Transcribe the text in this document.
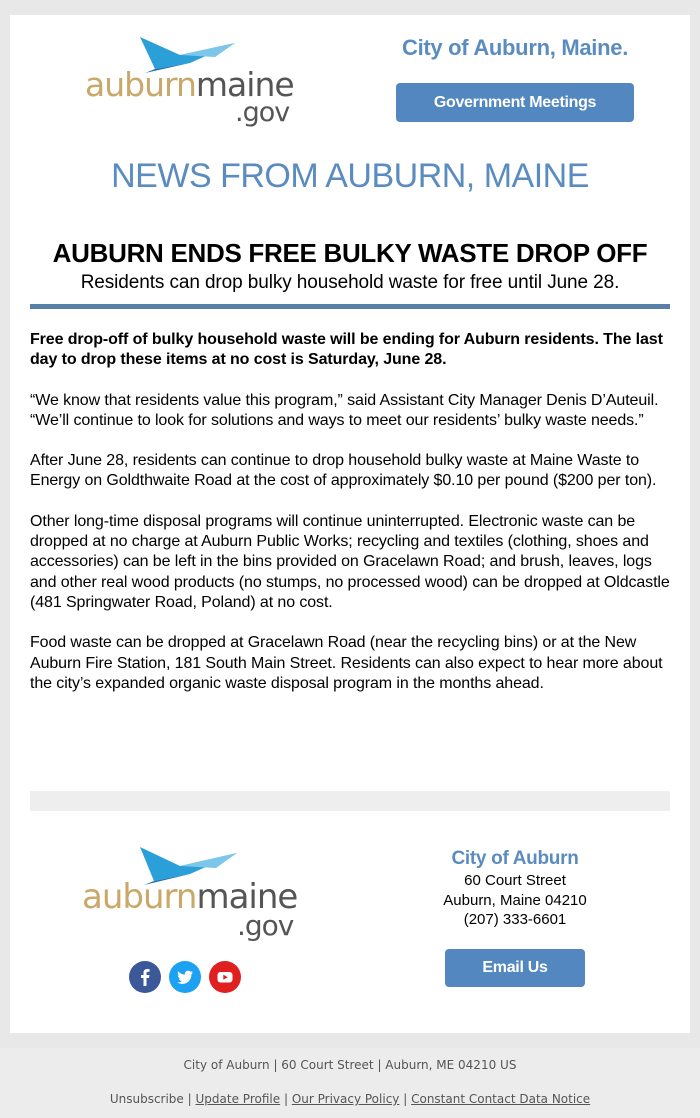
auburnmaine
.gov
City of Auburn, Maine.
Government Meetings
NEWS FROM AUBURN, MAINE
AUBURN ENDS FREE BULKY WASTE DROP OFF
Residents can drop bulky household waste for free until June 28.

Free drop-off of bulky household waste will be ending for Auburn residents. The last day to drop these items at no cost is Saturday, June 28.

“We know that residents value this program,” said Assistant City Manager Denis D’Auteuil. “We’ll continue to look for solutions and ways to meet our residents’ bulky waste needs.”

After June 28, residents can continue to drop household bulky waste at Maine Waste to Energy on Goldthwaite Road at the cost of approximately $0.10 per pound ($200 per ton).

Other long-time disposal programs will continue uninterrupted. Electronic waste can be dropped at no charge at Auburn Public Works; recycling and textiles (clothing, shoes and accessories) can be left in the bins provided on Gracelawn Road; and brush, leaves, logs and other real wood products (no stumps, no processed wood) can be dropped at Oldcastle (481 Springwater Road, Poland) at no cost.

Food waste can be dropped at Gracelawn Road (near the recycling bins) or at the New Auburn Fire Station, 181 South Main Street. Residents can also expect to hear more about the city’s expanded organic waste disposal program in the months ahead.

auburnmaine
.gov
City of Auburn
60 Court Street
Auburn, Maine 04210
(207) 333-6601
Email Us
City of Auburn | 60 Court Street | Auburn, ME 04210 US
Unsubscribe | Update Profile | Our Privacy Policy | Constant Contact Data Notice
